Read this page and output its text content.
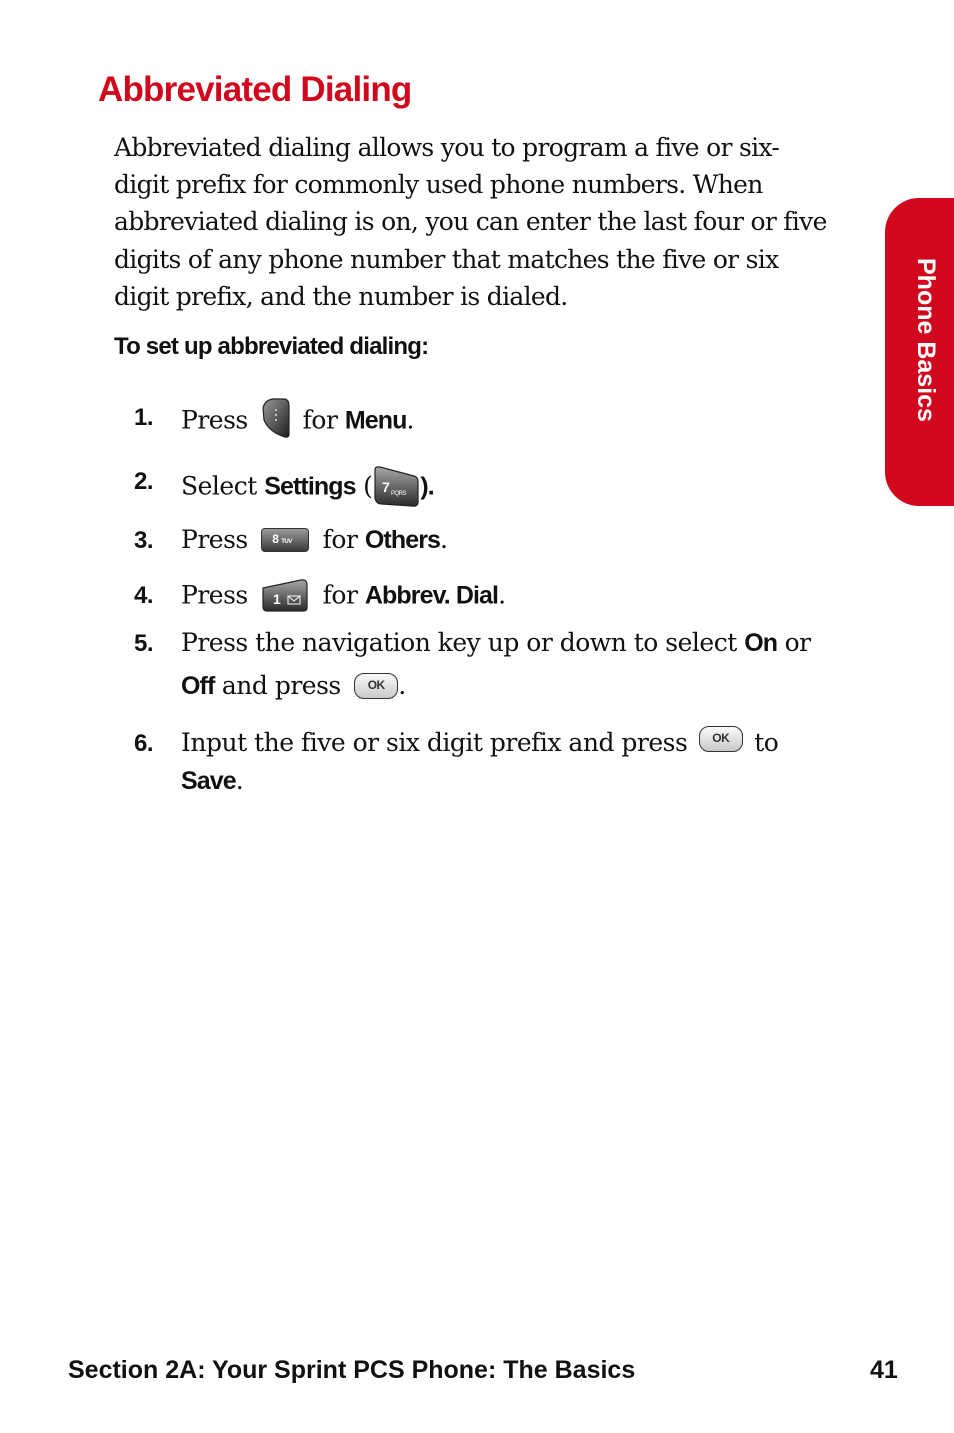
Abbreviated Dialing
Abbreviated dialing allows you to program a five or six-
digit prefix for commonly used phone numbers. When
abbreviated dialing is on, you can enter the last four or five
digits of any phone number that matches the five or six
digit prefix, and the number is dialed.
To set up abbreviated dialing:	Phone Basics
1. Press for Menu.
2. Select Settings ( 7 PQRS ).
3. Press 8 TUV for Others.
4. Press 1 for Abbrev. Dial.
5. Press the navigation key up or down to select On or
Off and press OK .
6. Input the five or six digit prefix and press OK to
Save.
Section 2A: Your Sprint PCS Phone: The Basics	41
